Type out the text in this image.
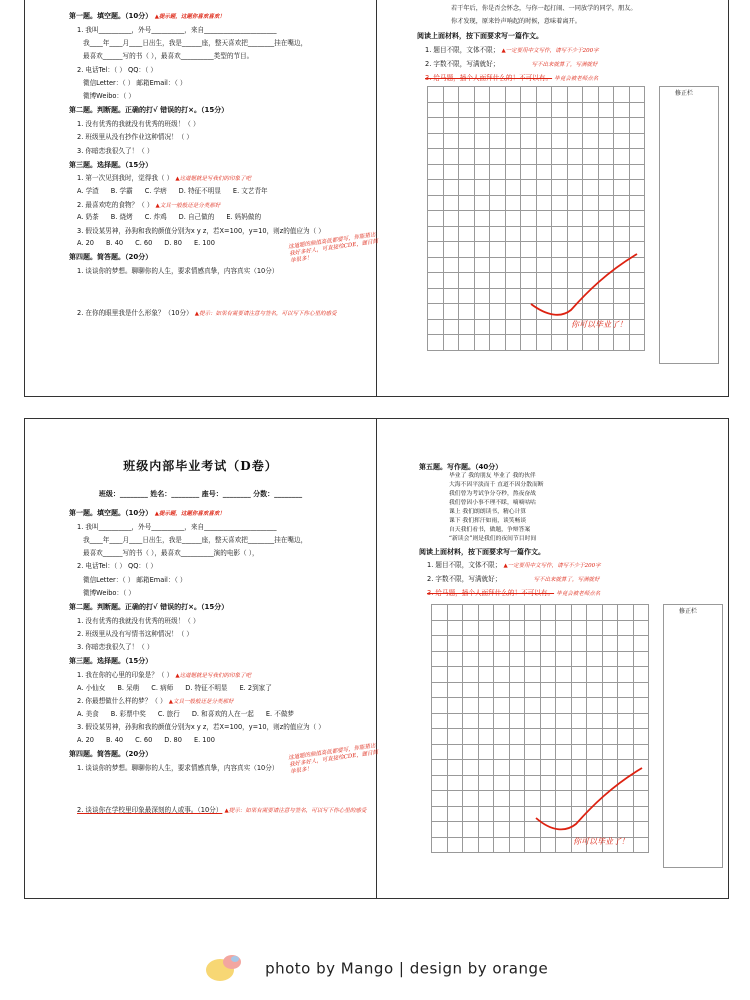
第一题。填空题。（10分） ▲提示题，这题你喜欢喜欢！
1. 我叫__________，外号__________，来自______________________
我____年____月____日出生，我是______座，整天喜欢把________挂在嘴边，
最喜欢______写的书（ ），最喜欢__________类型的节目。
2. 电话Tel：（ ） QQ：（ ）
微信Letter：（ ） 邮箱Email：（ ）
微博Weibo：（ ）
第二题。判断题。正确的打√ 错误的打×。（15分）
1. 没有优秀的我就没有优秀的班级！（ ）
2. 班级里从没有抄作业这种情况！（ ）
3. 你暗恋我很久了！（ ）
第三题。选择题。（15分）
1. 第一次见到我时，觉得我（ ） ▲这道题就是写我们的印象了吧
A. 学渣 B. 学霸 C. 学痞 D. 特征不明显 E. 文艺青年
2. 最喜欢吃的食物？（ ） ▲文具一般般还是分类那好
A. 奶茶 B. 烧烤 C. 炸鸡 D. 自己做的 E. 妈妈做的
3. 假设某男神，孙狗和我的颜值分别为x y z，若X=100，y=10，则z的值应为（ ）
A. 20 B. 40 C. 60 D. 80 E. 100
第四题。简答题。（20分）
1. 谈谈你的梦想。聊聊你的人生，要求情感真挚，内容真实（10分）
2. 在你的眼里我是什么形象？（10分） ▲提示：如果有需要请注意与签名，可以写下你心里的感受
这道题的颜值高低都要写，你能猜出我好多好人，可直接给CDE，题目简单很多！
若干年后，你是否会怀念，与你一起打闹、一同放学的同学，朋友。
你才发现，原来铃声响起的时候，意味着离开。
阅读上面材料，按下面要求写一篇作文。
1. 题目不限，文体不限； ▲一定要用中文写作，请写不少于200字
2. 字数不限，写满就好；	写不出来就算了，写满就好
3. 给马题，插个人面拜什么的！不可以有。 毕竟会被老师点名

修正栏
你可以毕业了！
班级内部毕业考试（D卷）
班级：________ 姓名：________ 座号：________ 分数：________
第一题。填空题。（10分） ▲提示题，这题你喜欢喜欢！
1. 我叫__________，外号__________，来自______________________
我____年____月____日出生，我是______座，整天喜欢把________挂在嘴边，
最喜欢______写的书（ ），最喜欢__________演的电影（ ），
2. 电话Tel：（ ） QQ：（ ）
微信Letter：（ ） 邮箱Email：（ ）
微博Weibo：（ ）
第二题。判断题。正确的打√ 错误的打×。（15分）
1. 没有优秀的我就没有优秀的班级！（ ）
2. 班级里从没有写情书这种情况！（ ）
3. 你暗恋我很久了！（ ）
第三题。选择题。（15分）
1. 我在你的心里的印象是？（ ） ▲这道题就是写我们的印象了吧
A. 小仙女 B. 呆萌 C. 病师 D. 特征不明显 E. 2到家了
2. 你最想做什么样的梦？（ ） ▲文具一般般还是分类那好
A. 美食 B. 彩票中奖 C. 旅行 D. 和喜欢的人在一起 E. 不做梦
3. 假设某男神，孙狗和我的颜值分别为x y z，若X=100，y=10，则z的值应为（ ）
A. 20 B. 40 C. 60 D. 80 E. 100
第四题。简答题。（20分）
1. 谈谈你的梦想。聊聊你的人生，要求情感真挚，内容真实（10分）
2. 谈谈你在学校里印象最深刻的人或事。（10分） ▲提示：如果有需要请注意与签名，可以写下你心里的感受
这道题的颜值高低都要写，你能猜出我好多好人，可直接给CDE，题目简单很多！
第五题。写作题。（40分）
毕业了 我的朋友 毕业了 我的伙伴
大海不因平淡而千 直道不因分散而断
我们曾为考试争分夺秒，熬夜奋战
我们曾因小事不理不睬，嘀嘀咕咕
课上 我们朗朗读书，精心计算
课下 我们挥汗如雨，谈笑畅谈
自天我们看书，做题，争辩答案
“新读会”则是我们的夜间节目时间
阅读上面材料，按下面要求写一篇作文。
1. 题目不限，文体不限； ▲一定要用中文写作，请写不少于200字
2. 字数不限，写满就好；	写不出来就算了，写满就好
3. 给马题，插个人面拜什么的！不可以有。 毕竟会被老师点名

修正栏
你可以毕业了！
photo by Mango | design by orange
